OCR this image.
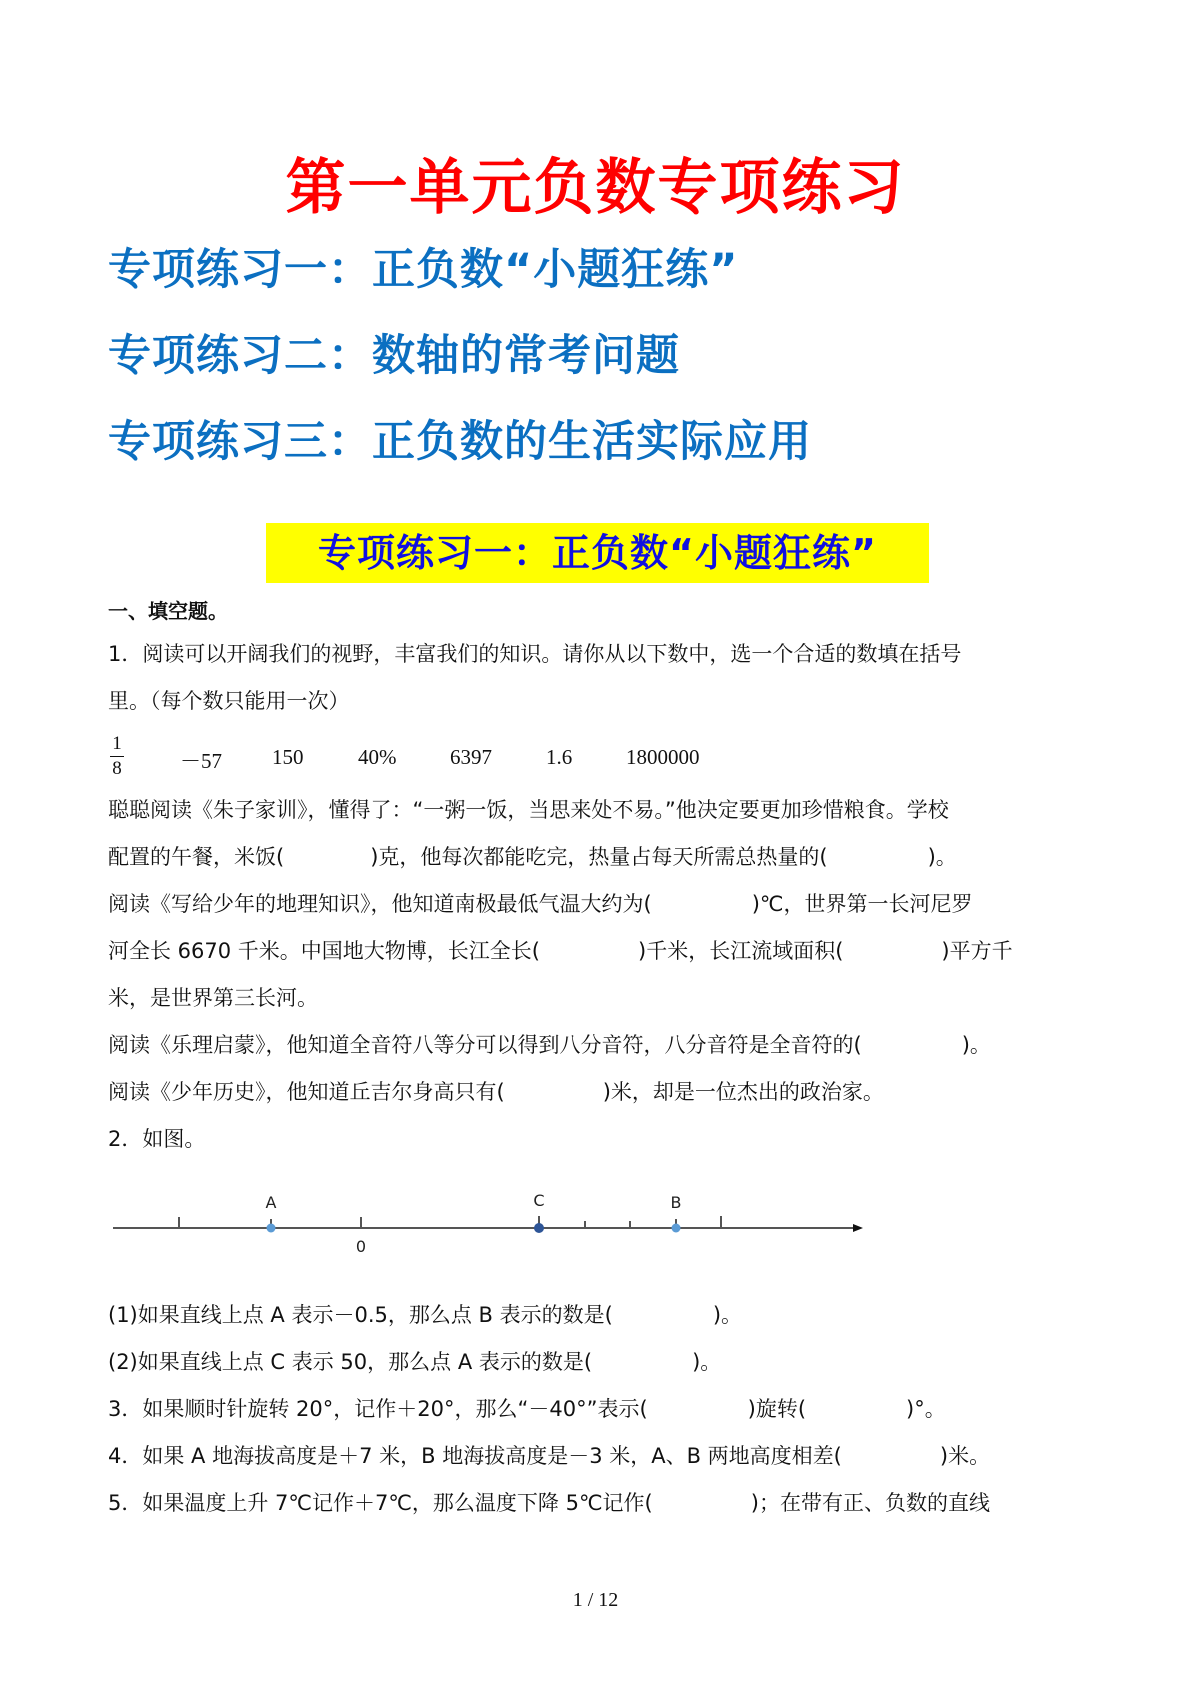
第一单元负数专项练习
专项练习一：正负数“小题狂练”
专项练习二：数轴的常考问题
专项练习三：正负数的生活实际应用
专项练习一：正负数“小题狂练”
一、填空题。
1．阅读可以开阔我们的视野，丰富我们的知识。请你从以下数中，选一个合适的数填在括号
里。（每个数只能用一次）
1
8	－57 150	40%	6397	1.6	1800000
聪聪阅读《朱子家训》，懂得了：“一粥一饭，当思来处不易。”他决定要更加珍惜粮食。学校
配置的午餐，米饭(	)克，他每次都能吃完，热量占每天所需总热量的(	)。
阅读《写给少年的地理知识》，他知道南极最低气温大约为(	)℃，世界第一长河尼罗
河全长 6670 千米。中国地大物博，长江全长(	)千米，长江流域面积(	)平方千
米，是世界第三长河。
阅读《乐理启蒙》，他知道全音符八等分可以得到八分音符，八分音符是全音符的(	)。
阅读《少年历史》，他知道丘吉尔身高只有(	)米，却是一位杰出的政治家。
2．如图。
A	C	B
0
(1)如果直线上点 A 表示－0.5，那么点 B 表示的数是(	)。
(2)如果直线上点 C 表示 50，那么点 A 表示的数是(	)。
3．如果顺时针旋转 20°，记作＋20°，那么“－40°”表示(	)旋转(	)°。
4．如果 A 地海拔高度是＋7 米，B 地海拔高度是－3 米，A、B 两地高度相差(	)米。
5．如果温度上升 7℃记作＋7℃，那么温度下降 5℃记作(	)；在带有正、负数的直线
1 / 12
